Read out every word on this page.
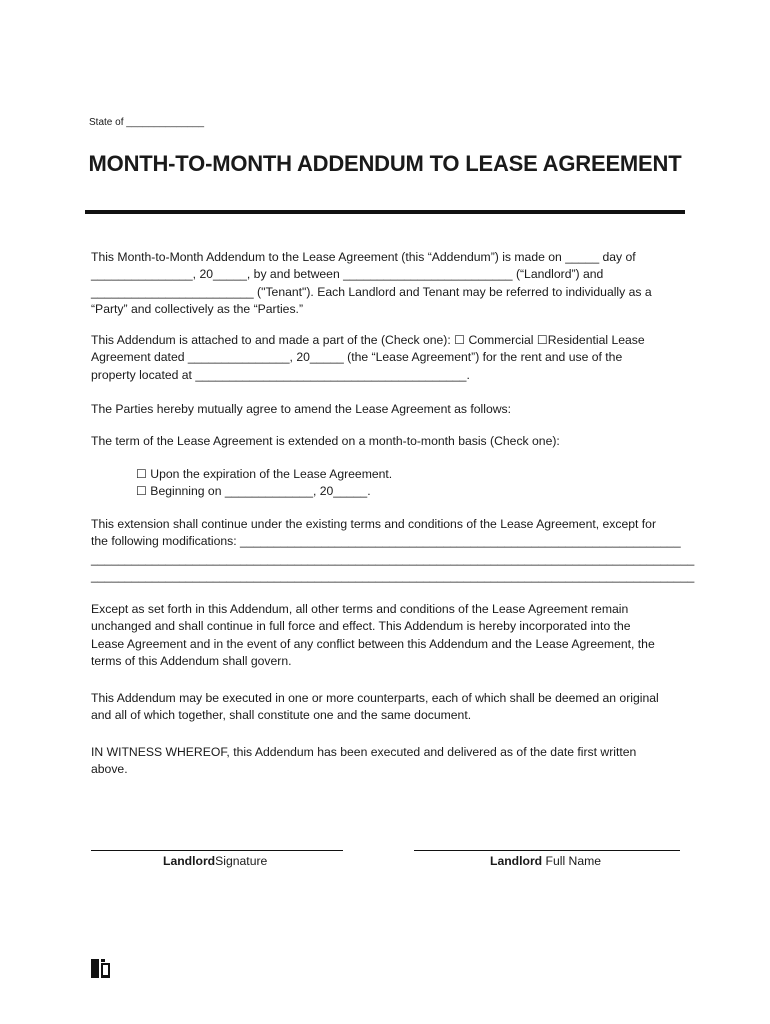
State of ______________
MONTH-TO-MONTH ADDENDUM TO LEASE AGREEMENT
This Month-to-Month Addendum to the Lease Agreement (this “Addendum”) is made on _____ day of
_______________, 20_____, by and between _________________________ (“Landlord”) and
________________________ ("Tenant"). Each Landlord and Tenant may be referred to individually as a
“Party” and collectively as the “Parties.”
This Addendum is attached to and made a part of the (Check one): ☐ Commercial ☐Residential Lease
Agreement dated _______________, 20_____ (the “Lease Agreement”) for the rent and use of the
property located at ________________________________________.
The Parties hereby mutually agree to amend the Lease Agreement as follows:
The term of the Lease Agreement is extended on a month-to-month basis (Check one):
☐ Upon the expiration of the Lease Agreement.
☐ Beginning on _____________, 20_____.
This extension shall continue under the existing terms and conditions of the Lease Agreement, except for
the following modifications: _________________________________________________________________
_________________________________________________________________________________________
_________________________________________________________________________________________
Except as set forth in this Addendum, all other terms and conditions of the Lease Agreement remain
unchanged and shall continue in full force and effect. This Addendum is hereby incorporated into the
Lease Agreement and in the event of any conflict between this Addendum and the Lease Agreement, the
terms of this Addendum shall govern.
This Addendum may be executed in one or more counterparts, each of which shall be deemed an original
and all of which together, shall constitute one and the same document.
IN WITNESS WHEREOF, this Addendum has been executed and delivered as of the date first written
above.
LandlordSignature	Landlord Full Name
